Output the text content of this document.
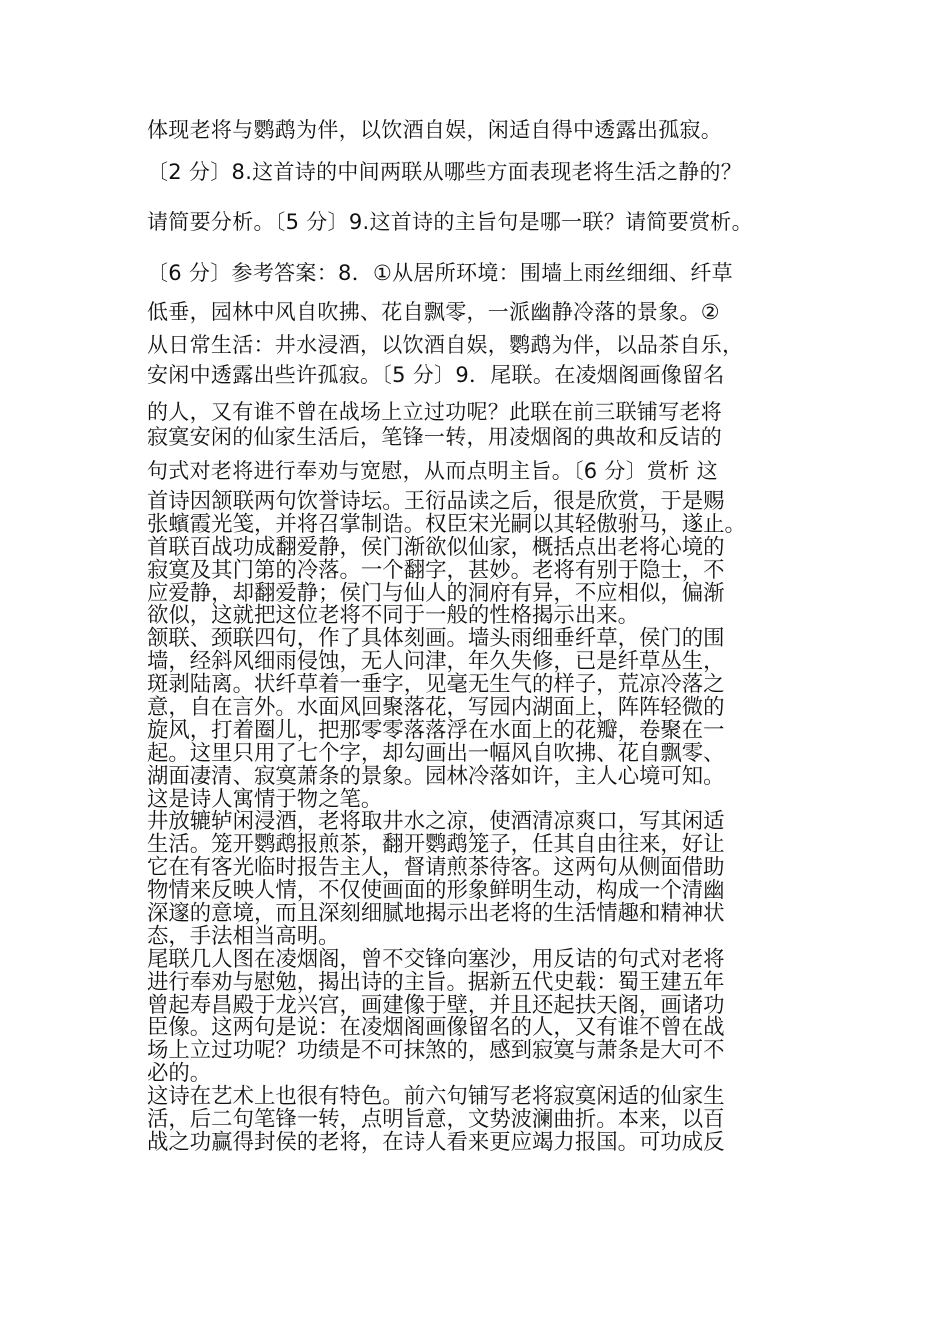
体现老将与鹦鹉为伴，以饮酒自娱，闲适自得中透露出孤寂。
〔2 分〕8.这首诗的中间两联从哪些方面表现老将生活之静的？
请简要分析。〔5 分〕9.这首诗的主旨句是哪一联？请简要赏析。
〔6 分〕参考答案：8．①从居所环境：围墙上雨丝细细、纤草
低垂，园林中风自吹拂、花自飘零，一派幽静冷落的景象。②
从日常生活：井水浸酒，以饮酒自娱，鹦鹉为伴，以品茶自乐，
安闲中透露出些许孤寂。〔5 分〕9．尾联。在凌烟阁画像留名
的人，又有谁不曾在战场上立过功呢？此联在前三联铺写老将
寂寞安闲的仙家生活后，笔锋一转，用凌烟阁的典故和反诘的
句式对老将进行奉劝与宽慰，从而点明主旨。〔6 分〕赏析 这
首诗因颔联两句饮誉诗坛。王衍品读之后，很是欣赏，于是赐
张蠙霞光笺，并将召掌制诰。权臣宋光嗣以其轻傲驸马，遂止。
首联百战功成翻爱静，侯门渐欲似仙家，概括点出老将心境的
寂寞及其门第的冷落。一个翻字，甚妙。老将有别于隐士，不
应爱静，却翻爱静；侯门与仙人的洞府有异，不应相似，偏渐
欲似，这就把这位老将不同于一般的性格揭示出来。
颔联、颈联四句，作了具体刻画。墙头雨细垂纤草，侯门的围
墙，经斜风细雨侵蚀，无人问津，年久失修，已是纤草丛生，
斑剥陆离。状纤草着一垂字，见毫无生气的样子，荒凉冷落之
意，自在言外。水面风回聚落花，写园内湖面上，阵阵轻微的
旋风，打着圈儿，把那零零落落浮在水面上的花瓣，卷聚在一
起。这里只用了七个字，却勾画出一幅风自吹拂、花自飘零、
湖面凄清、寂寞萧条的景象。园林冷落如许，主人心境可知。
这是诗人寓情于物之笔。
井放辘轳闲浸酒，老将取井水之凉，使酒清凉爽口，写其闲适
生活。笼开鹦鹉报煎茶，翻开鹦鹉笼子，任其自由往来，好让
它在有客光临时报告主人，督请煎茶待客。这两句从侧面借助
物情来反映人情，不仅使画面的形象鲜明生动，构成一个清幽
深邃的意境，而且深刻细腻地揭示出老将的生活情趣和精神状
态，手法相当高明。
尾联几人图在凌烟阁，曾不交锋向塞沙，用反诘的句式对老将
进行奉劝与慰勉，揭出诗的主旨。据新五代史载：蜀王建五年
曾起寿昌殿于龙兴宫，画建像于壁，并且还起扶天阁，画诸功
臣像。这两句是说：在凌烟阁画像留名的人，又有谁不曾在战
场上立过功呢？功绩是不可抹煞的，感到寂寞与萧条是大可不
必的。
这诗在艺术上也很有特色。前六句铺写老将寂寞闲适的仙家生
活，后二句笔锋一转，点明旨意，文势波澜曲折。本来，以百
战之功赢得封侯的老将，在诗人看来更应竭力报国。可功成反
